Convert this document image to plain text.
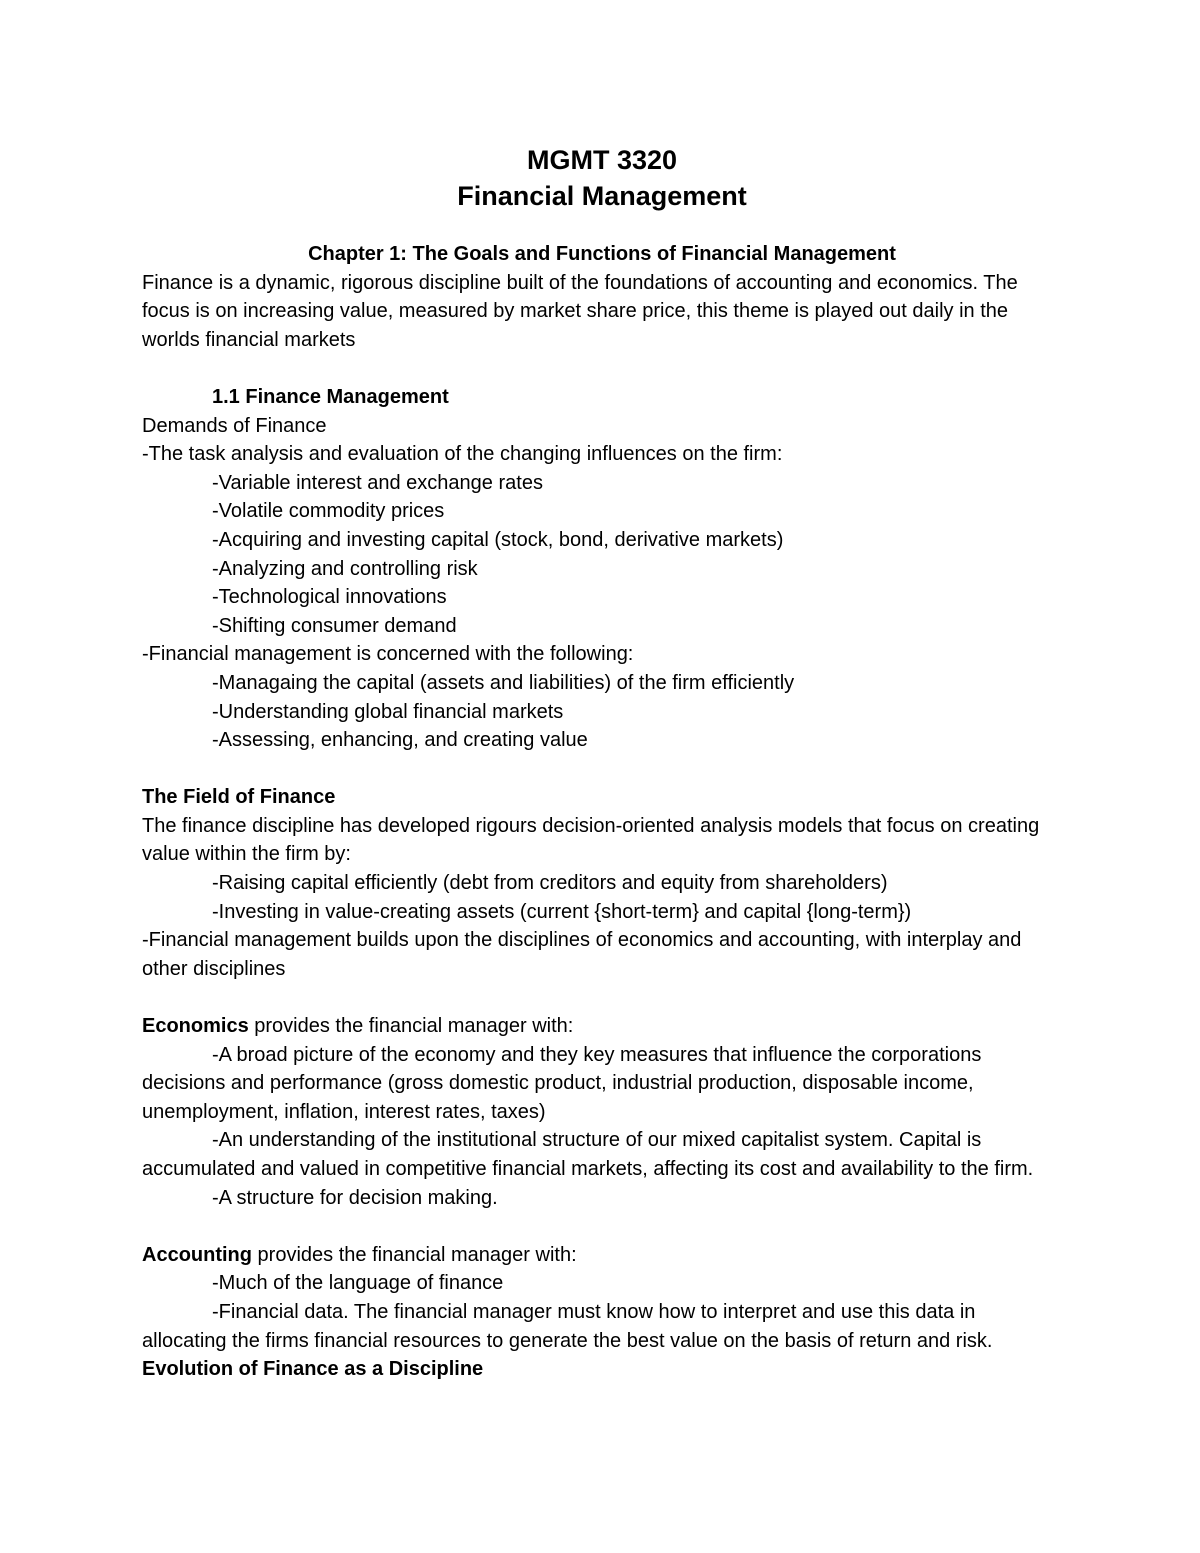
MGMT 3320
Financial Management
Chapter 1: The Goals and Functions of Financial Management

Finance is a dynamic, rigorous discipline built of the foundations of accounting and economics. The focus is on increasing value, measured by market share price, this theme is played out daily in the worlds financial markets

1.1 Finance Management
Demands of Finance
-The task analysis and evaluation of the changing influences on the firm:
-Variable interest and exchange rates
-Volatile commodity prices
-Acquiring and investing capital (stock, bond, derivative markets)
-Analyzing and controlling risk
-Technological innovations
-Shifting consumer demand
-Financial management is concerned with the following:
-Managaing the capital (assets and liabilities) of the firm efficiently
-Understanding global financial markets
-Assessing, enhancing, and creating value
The Field of Finance

The finance discipline has developed rigours decision-oriented analysis models that focus on creating value within the firm by:

-Raising capital efficiently (debt from creditors and equity from shareholders)
-Investing in value-creating assets (current {short-term} and capital {long-term})

-Financial management builds upon the disciplines of economics and accounting, with interplay and other disciplines

Economics provides the financial manager with:

-A broad picture of the economy and they key measures that influence the corporations decisions and performance (gross domestic product, industrial production, disposable income, unemployment, inflation, interest rates, taxes)

-An understanding of the institutional structure of our mixed capitalist system. Capital is accumulated and valued in competitive financial markets, affecting its cost and availability to the firm.

-A structure for decision making.

Accounting provides the financial manager with:

-Much of the language of finance

-Financial data. The financial manager must know how to interpret and use this data in allocating the firms financial resources to generate the best value on the basis of return and risk.

Evolution of Finance as a Discipline
